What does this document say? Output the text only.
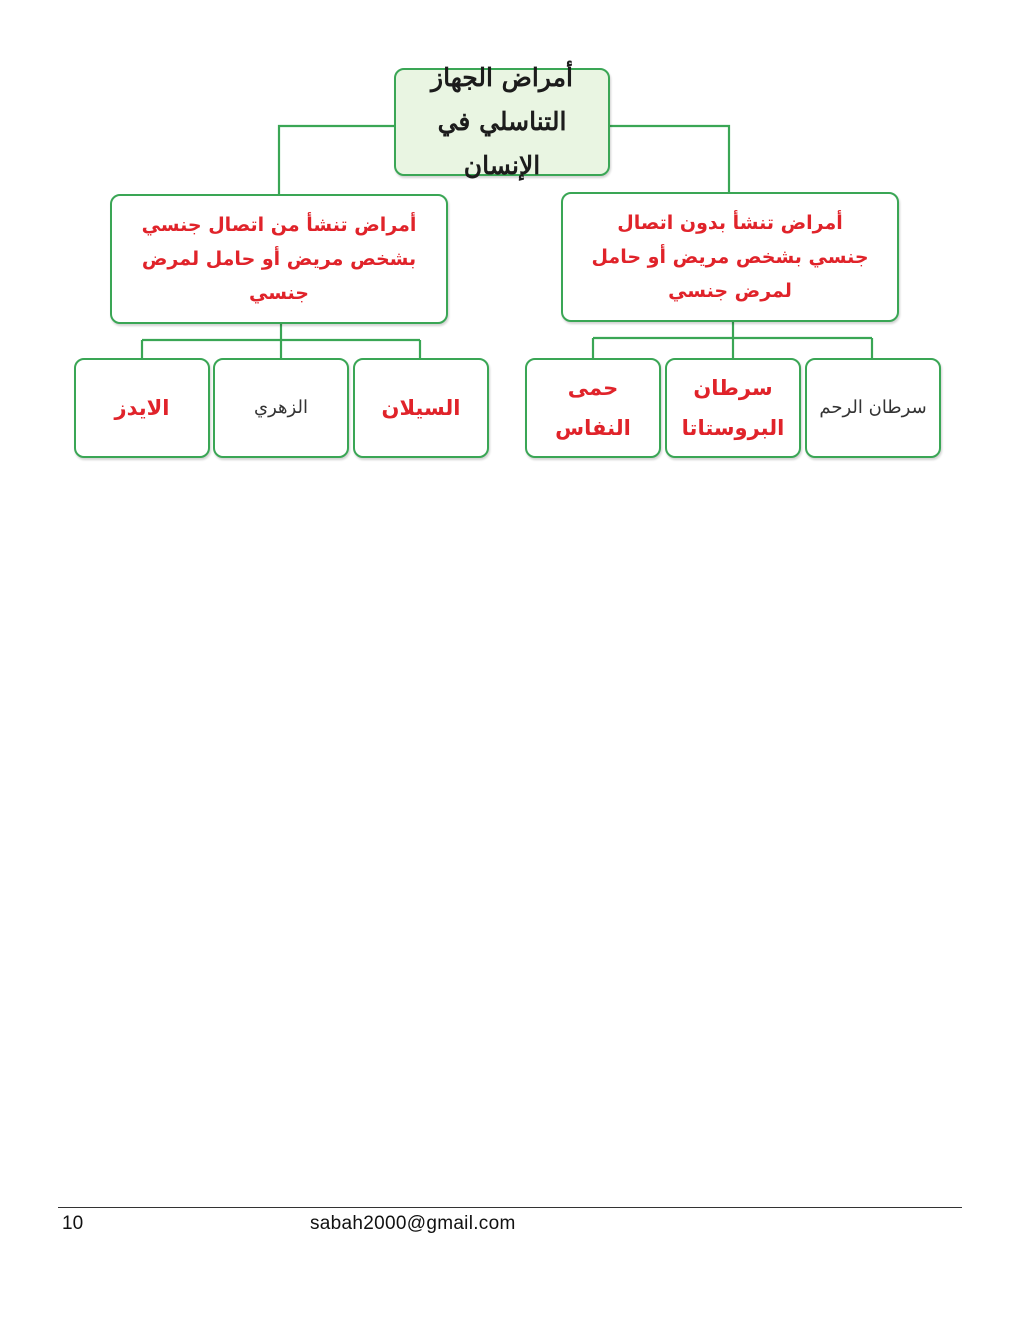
أمراض الجهاز
التناسلي في الإنسان
أمراض تنشأ بدون اتصال جنسي بشخص مريض أو حامل لمرض جنسي
أمراض تنشأ من اتصال جنسي بشخص مريض أو حامل لمرض جنسي
سرطان الرحم
سرطان البروستاتا
حمى النفاس
السيلان
الزهري
الايدز
10	sabah2000@gmail.com
